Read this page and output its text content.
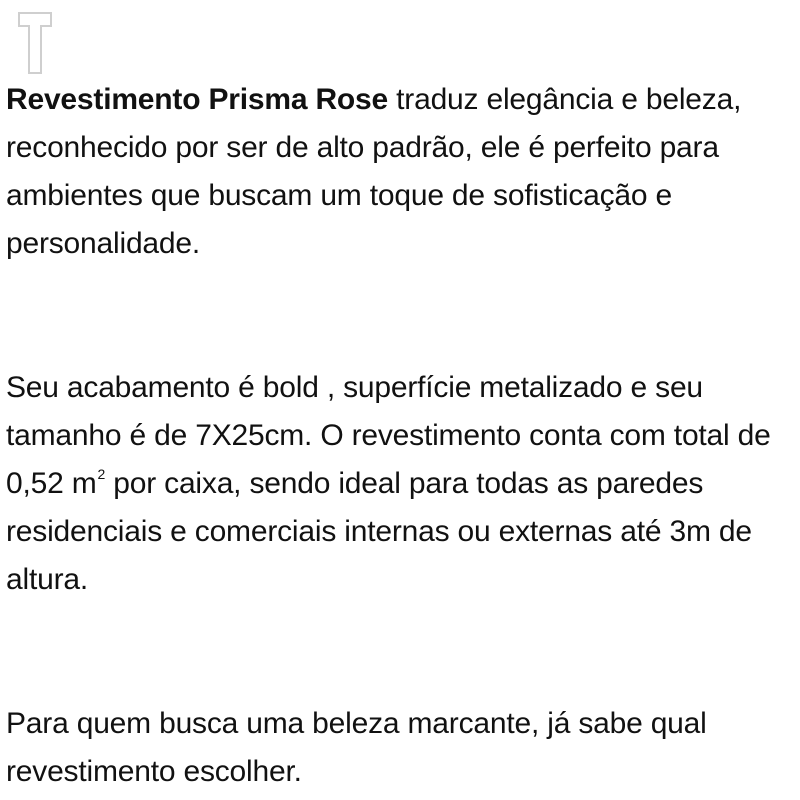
Revestimento Prisma Rose traduz elegância e beleza, reconhecido por ser de alto padrão, ele é perfeito para ambientes que buscam um toque de sofisticação e personalidade.

Seu acabamento é bold , superfície metalizado e seu tamanho é de 7X25cm. O revestimento conta com total de 0,52 $m^2$ por caixa, sendo ideal para todas as paredes residenciais e comerciais internas ou externas até 3m de altura.

Para quem busca uma beleza marcante, já sabe qual revestimento escolher.
